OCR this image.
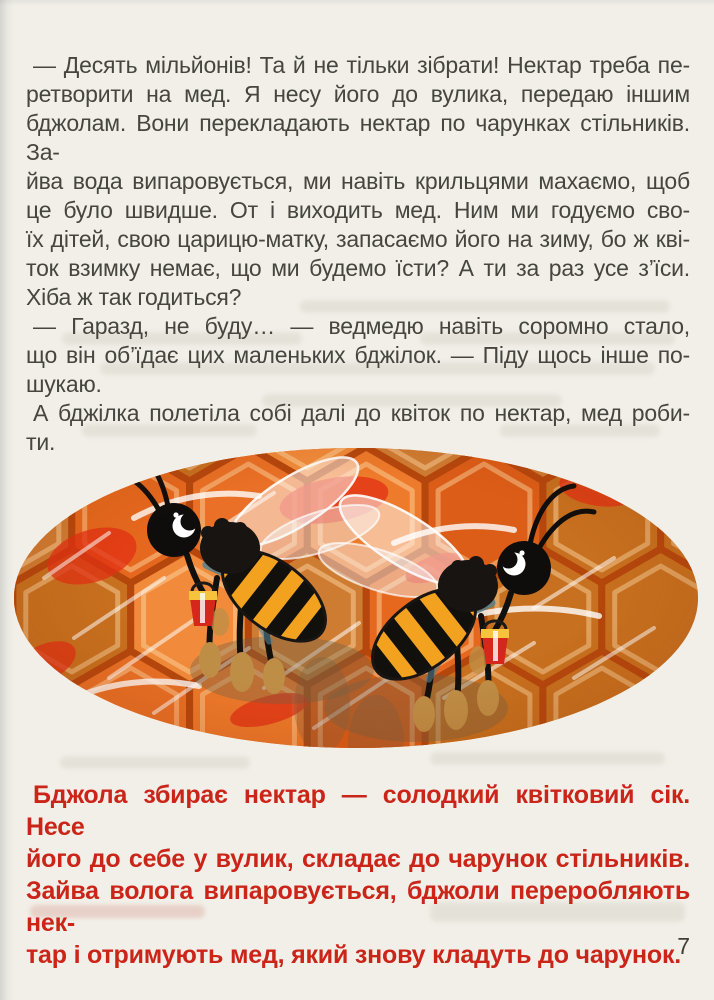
— Десять мільйонів! Та й не тільки зібрати! Нектар треба пе-
ретворити на мед. Я несу його до вулика, передаю іншим
бджолам. Вони перекладають нектар по чарунках стільників. За-
йва вода випаровується, ми навіть крильцями махаємо, щоб
це було швидше. От і виходить мед. Ним ми годуємо сво-
їх дітей, свою царицю-матку, запасаємо його на зиму, бо ж кві-
ток взимку немає, що ми будемо їсти? А ти за раз усе з’їси.
Хіба ж так годиться?
— Гаразд, не буду… — ведмедю навіть соромно стало,
що він об’їдає цих маленьких бджілок. — Піду щось інше по-
шукаю.
А бджілка полетіла собі далі до квіток по нектар, мед роби-
ти.
Бджола збирає нектар — солодкий квітковий сік. Несе
його до себе у вулик, складає до чарунок стільників.
Зайва волога випаровується, бджоли переробляють нек-
тар і отримують мед, який знову кладуть до чарунок.
7
